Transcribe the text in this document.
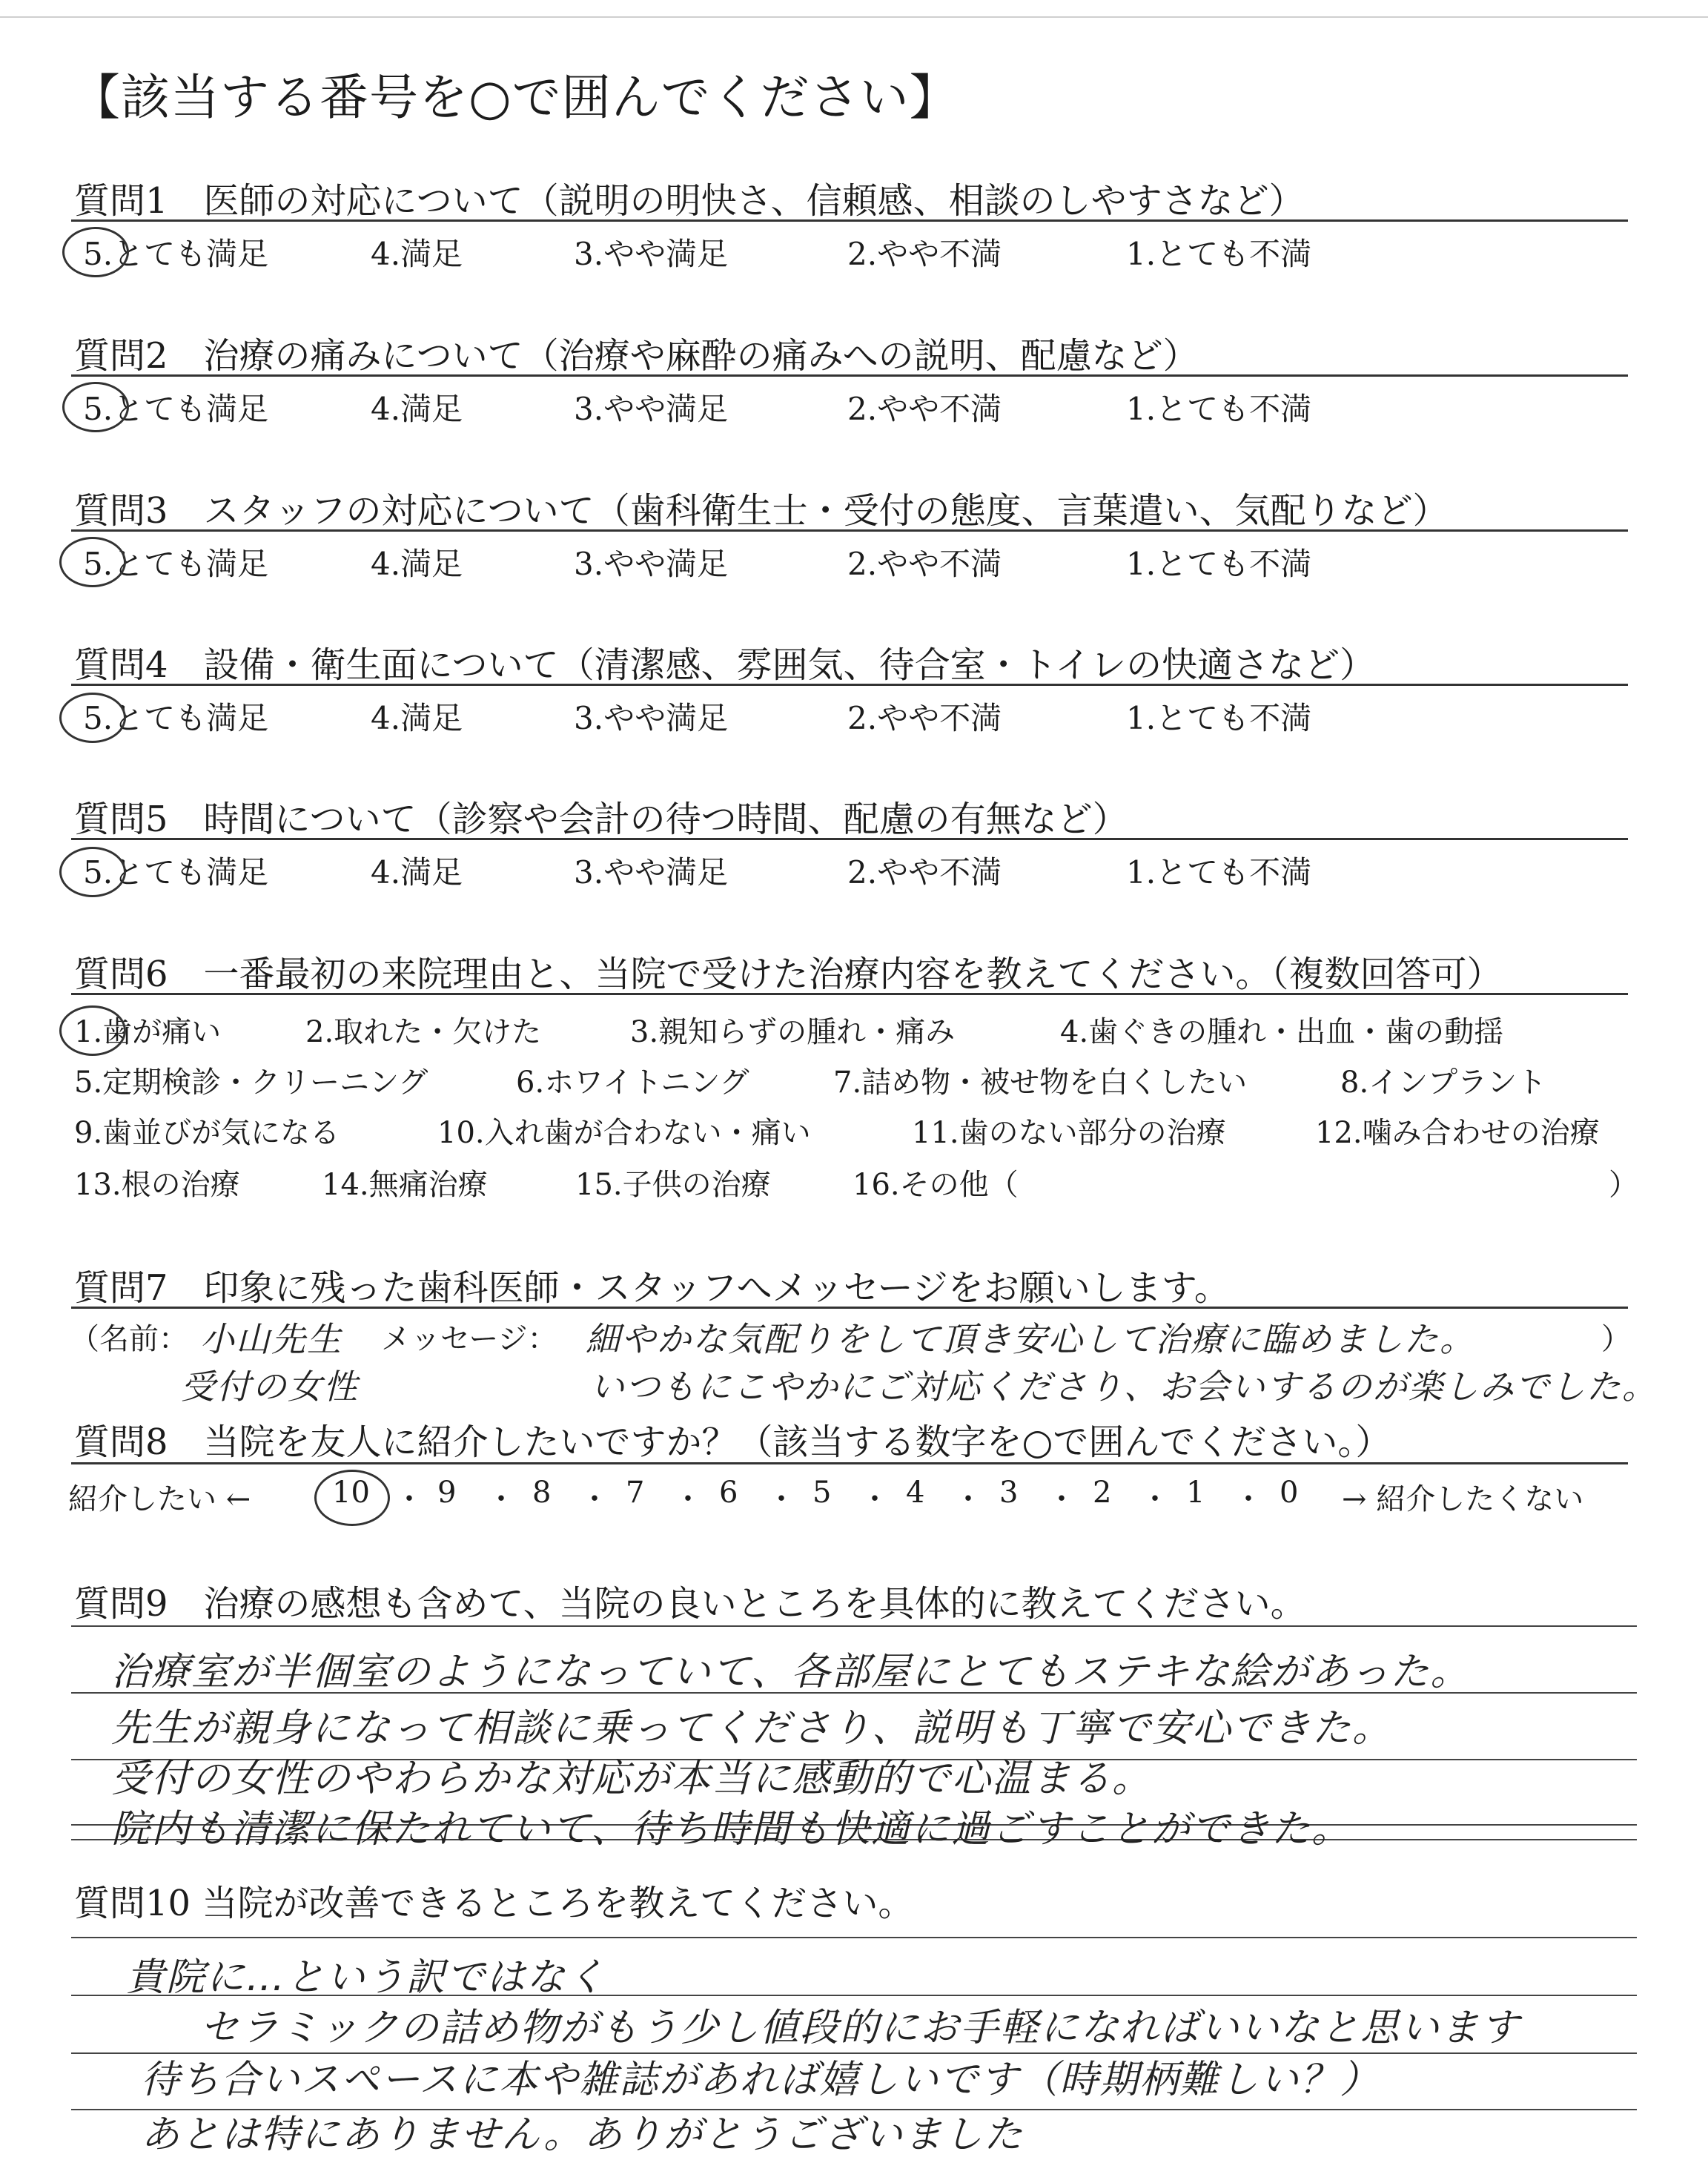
【該当する番号を○で囲んでください】
質問1　医師の対応について（説明の明快さ、信頼感、相談のしやすさなど）
5.とても満足	4.満足	3.やや満足	2.やや不満	1.とても不満
質問2　治療の痛みについて（治療や麻酔の痛みへの説明、配慮など）
5.とても満足	4.満足	3.やや満足	2.やや不満	1.とても不満
質問3　スタッフの対応について（歯科衛生士・受付の態度、言葉遣い、気配りなど）
5.とても満足	4.満足	3.やや満足	2.やや不満	1.とても不満
質問4　設備・衛生面について（清潔感、雰囲気、待合室・トイレの快適さなど）
5.とても満足	4.満足	3.やや満足	2.やや不満	1.とても不満
質問5　時間について（診察や会計の待つ時間、配慮の有無など）
5.とても満足	4.満足	3.やや満足	2.やや不満	1.とても不満
質問6　一番最初の来院理由と、当院で受けた治療内容を教えてください。（複数回答可）
1.歯が痛い	2.取れた・欠けた	3.親知らずの腫れ・痛み	4.歯ぐきの腫れ・出血・歯の動揺
5.定期検診・クリーニング	6.ホワイトニング	7.詰め物・被せ物を白くしたい	8.インプラント
9.歯並びが気になる	10.入れ歯が合わない・痛い	11.歯のない部分の治療	12.噛み合わせの治療
13.根の治療	14.無痛治療	15.子供の治療	16.その他（	）
質問7　印象に残った歯科医師・スタッフへメッセージをお願いします。
（名前： 小山先生 メッセージ： 細やかな気配りをして頂き安心して治療に臨めました。	）
受付の女性	いつもにこやかにご対応くださり、お会いするのが楽しみでした。
質問8　当院を友人に紹介したいですか？（該当する数字を○で囲んでください。）
紹介したい ←	10 ・ 9 ・ 8 ・ 7 ・ 6 ・ 5 ・ 4 ・ 3 ・ 2 ・ 1 ・ 0 → 紹介したくない
質問9　治療の感想も含めて、当院の良いところを具体的に教えてください。
治療室が半個室のようになっていて、各部屋にとてもステキな絵があった。
先生が親身になって相談に乗ってくださり、説明も丁寧で安心できた。
受付の女性のやわらかな対応が本当に感動的で心温まる。
院内も清潔に保たれていて、待ち時間も快適に過ごすことができた。
質問10 当院が改善できるところを教えてください。
貴院に…という訳ではなく
セラミックの詰め物がもう少し値段的にお手軽になればいいなと思います
待ち合いスペースに本や雑誌があれば嬉しいです（時期柄難しい？）
あとは特にありません。ありがとうございました
